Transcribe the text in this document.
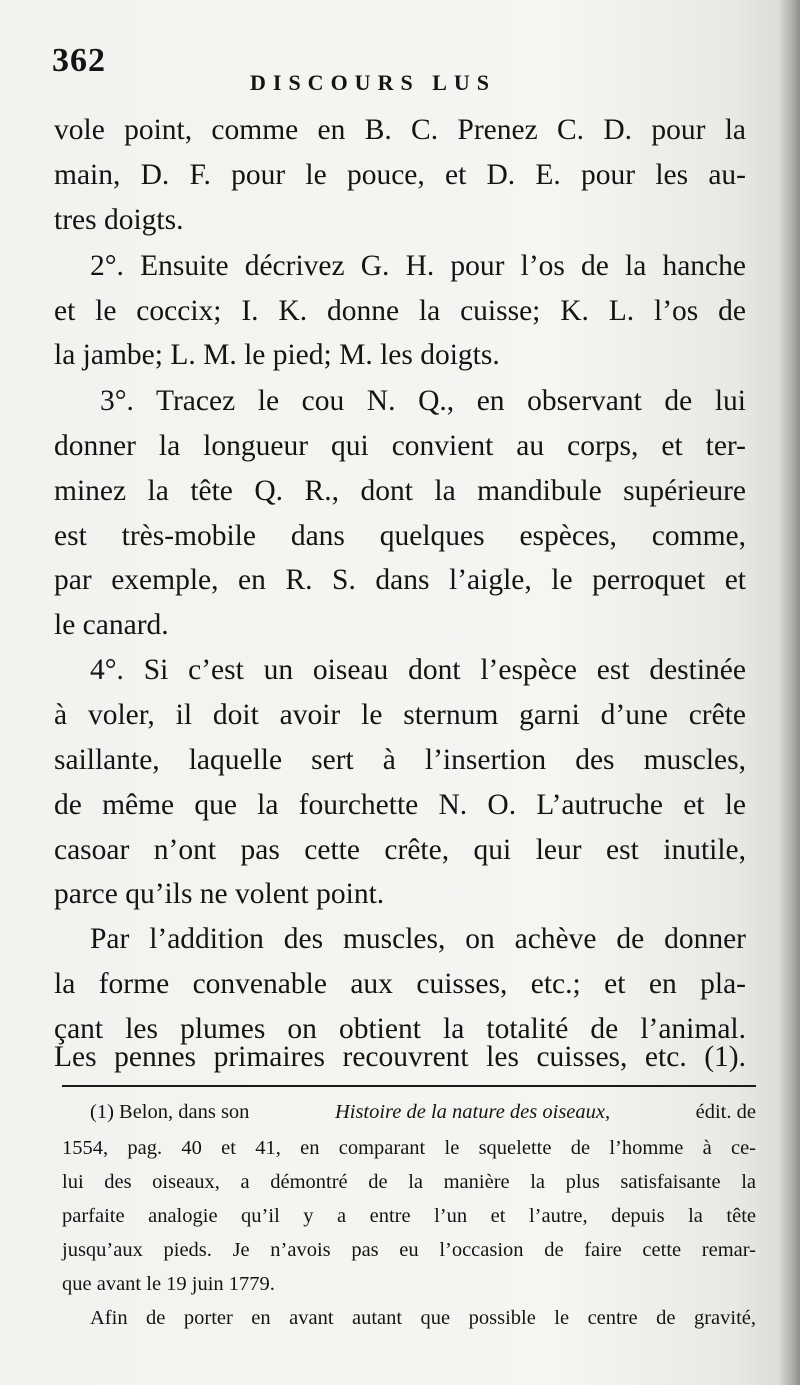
362
DISCOURS LUS
vole point, comme en B. C. Prenez C. D. pour la
main, D. F. pour le pouce, et D. E. pour les au-
tres doigts.
2°. Ensuite décrivez G. H. pour l’os de la hanche
et le coccix; I. K. donne la cuisse; K. L. l’os de
la jambe; L. M. le pied; M. les doigts.
3°. Tracez le cou N. Q., en observant de lui
donner la longueur qui convient au corps, et ter-
minez la tête Q. R., dont la mandibule supérieure
est très-mobile dans quelques espèces, comme,
par exemple, en R. S. dans l’aigle, le perroquet et
le canard.
4°. Si c’est un oiseau dont l’espèce est destinée
à voler, il doit avoir le sternum garni d’une crête
saillante, laquelle sert à l’insertion des muscles,
de même que la fourchette N. O. L’autruche et le
casoar n’ont pas cette crête, qui leur est inutile,
parce qu’ils ne volent point.
Par l’addition des muscles, on achève de donner
la forme convenable aux cuisses, etc.; et en pla-
çant les plumes on obtient la totalité de l’animal.
Les pennes primaires recouvrent les cuisses, etc. (1).
(1) Belon, dans son	Histoire de la nature des oiseaux,	édit. de
1554, pag. 40 et 41, en comparant le squelette de l’homme à ce-
lui des oiseaux, a démontré de la manière la plus satisfaisante la
parfaite analogie qu’il y a entre l’un et l’autre, depuis la tête
jusqu’aux pieds. Je n’avois pas eu l’occasion de faire cette remar-
que avant le 19 juin 1779.
Afin de porter en avant autant que possible le centre de gravité,
